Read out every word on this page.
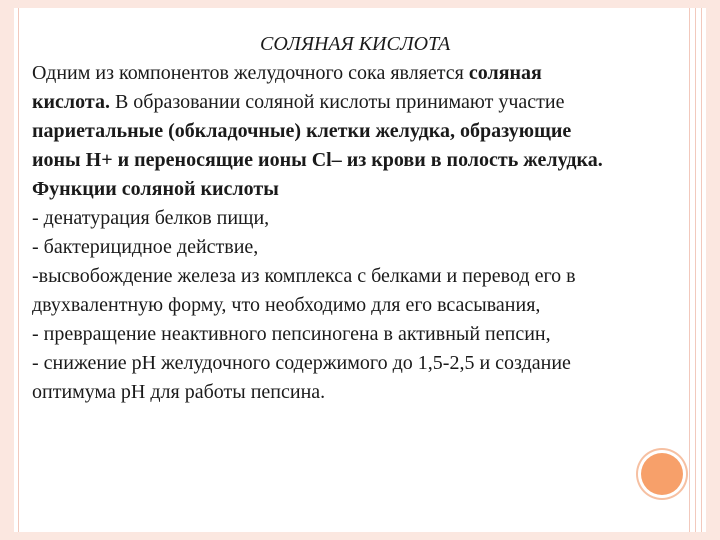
СОЛЯНАЯ КИСЛОТА
Одним из компонентов желудочного сока является соляная
кислота. В образовании соляной кислоты принимают участие
париетальные (обкладочные) клетки желудка, образующие
ионы Н+ и переносящие ионы Сl– из крови в полость желудка.
Функции соляной кислоты
- денатурация белков пищи,
- бактерицидное действие,
-высвобождение железа из комплекса с белками и перевод его в
двухвалентную форму, что необходимо для его всасывания,
- превращение неактивного пепсиногена в активный пепсин,
- снижение рН желудочного содержимого до 1,5-2,5 и создание
оптимума рН для работы пепсина.
